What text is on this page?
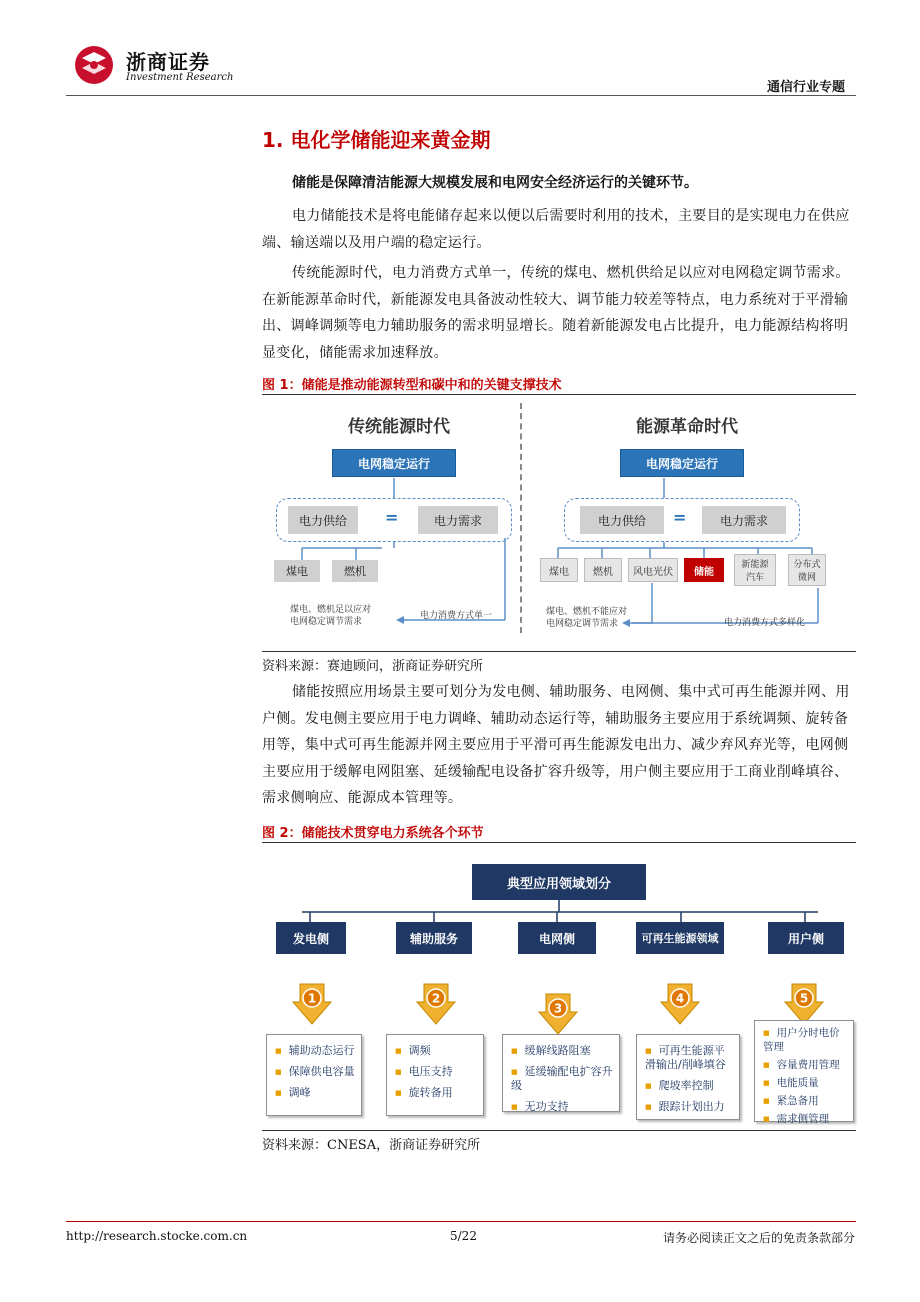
浙商证券
Investment Research
通信行业专题
1. 电化学储能迎来黄金期
储能是保障清洁能源大规模发展和电网安全经济运行的关键环节。
电力储能技术是将电能储存起来以便以后需要时利用的技术，主要目的是实现电力在供应端、输送端以及用户端的稳定运行。
传统能源时代，电力消费方式单一，传统的煤电、燃机供给足以应对电网稳定调节需求。在新能源革命时代，新能源发电具备波动性较大、调节能力较差等特点，电力系统对于平滑输出、调峰调频等电力辅助服务的需求明显增长。随着新能源发电占比提升，电力能源结构将明显变化，储能需求加速释放。
图 1：储能是推动能源转型和碳中和的关键支撑技术
传统能源时代
电网稳定运行
电力供给	=	电力需求
煤电	燃机
煤电、燃机足以应对电网稳定调节需求
电力消费方式单一
能源革命时代
电网稳定运行
电力供给	=	电力需求
煤电	燃机	风电光伏	储能
新能源汽车
分布式微网
煤电、燃机不能应对电网稳定调节需求	电力消费方式多样化
资料来源：赛迪顾问，浙商证券研究所
储能按照应用场景主要可划分为发电侧、辅助服务、电网侧、集中式可再生能源并网、用户侧。发电侧主要应用于电力调峰、辅助动态运行等，辅助服务主要应用于系统调频、旋转备用等，集中式可再生能源并网主要应用于平滑可再生能源发电出力、减少弃风弃光等，电网侧主要应用于缓解电网阻塞、延缓输配电设备扩容升级等，用户侧主要应用于工商业削峰填谷、需求侧响应、能源成本管理等。
图 2：储能技术贯穿电力系统各个环节
典型应用领域划分
发电侧
1
■ 辅助动态运行
■ 保障供电容量
■ 调峰
辅助服务
2
■ 调频
■ 电压支持
■ 旋转备用
电网侧
3
■ 缓解线路阻塞
■ 延缓输配电扩容升级
■ 无功支持
可再生能源领域
4
■ 可再生能源平滑输出/削峰填谷
■ 爬坡率控制
■ 跟踪计划出力
用户侧
5
■ 用户分时电价管理
■ 容量费用管理
■ 电能质量
■ 紧急备用
■ 需求侧管理
资料来源：CNESA，浙商证券研究所
http://research.stocke.com.cn	5/22	请务必阅读正文之后的免责条款部分
